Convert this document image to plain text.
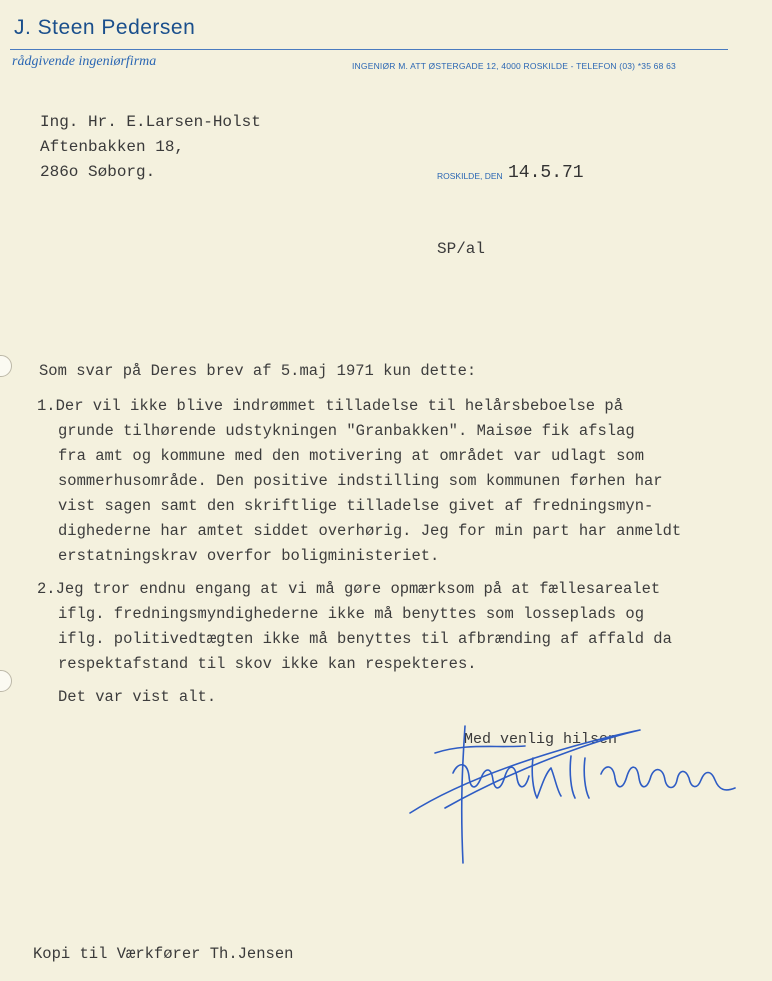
J. Steen Pedersen
rådgivende ingeniørfirma	INGENIØR M. ATT ØSTERGADE 12, 4000 ROSKILDE - TELEFON (03) *35 68 63
Ing. Hr. E.Larsen-Holst
Aftenbakken 18,
286o Søborg.	ROSKILDE, DEN 14.5.71
SP/al
Som svar på Deres brev af 5.maj 1971 kun dette:
1.Der vil ikke blive indrømmet tilladelse til helårsbeboelse på
grunde tilhørende udstykningen "Granbakken". Maisøe fik afslag
fra amt og kommune med den motivering at området var udlagt som
sommerhusområde. Den positive indstilling som kommunen førhen har
vist sagen samt den skriftlige tilladelse givet af fredningsmyn-
dighederne har amtet siddet overhørig. Jeg for min part har anmeldt
erstatningskrav overfor boligministeriet.
2.Jeg tror endnu engang at vi må gøre opmærksom på at fællesarealet
iflg. fredningsmyndighederne ikke må benyttes som losseplads og
iflg. politivedtægten ikke må benyttes til afbrænding af affald da
respektafstand til skov ikke kan respekteres.
Det var vist alt.
Med venlig hilsen
Kopi til Værkfører Th.Jensen
